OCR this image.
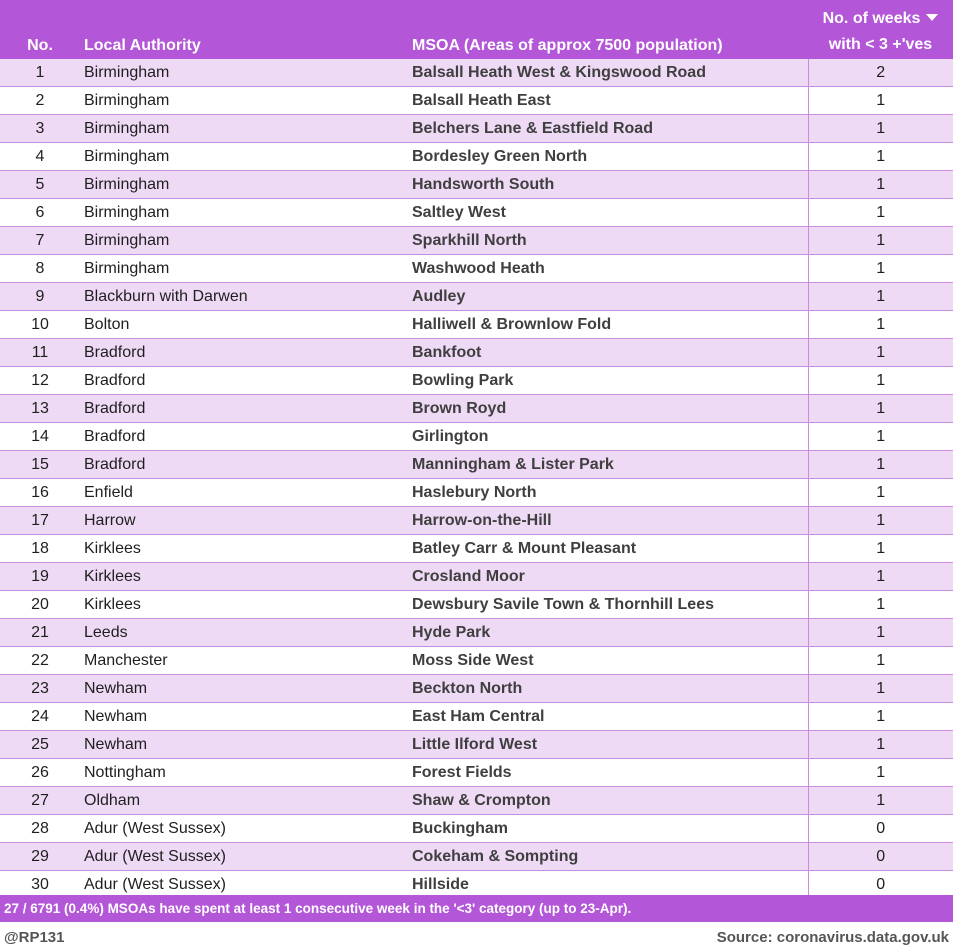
No.	Local Authority	MSOA (Areas of approx 7500 population)	No. of weeks
with < 3 +'ves
1	Birmingham	Balsall Heath West & Kingswood Road	2
2	Birmingham	Balsall Heath East	1
3	Birmingham	Belchers Lane & Eastfield Road	1
4	Birmingham	Bordesley Green North	1
5	Birmingham	Handsworth South	1
6	Birmingham	Saltley West	1
7	Birmingham	Sparkhill North	1
8	Birmingham	Washwood Heath	1
9	Blackburn with Darwen	Audley	1
10	Bolton	Halliwell & Brownlow Fold	1
11	Bradford	Bankfoot	1
12	Bradford	Bowling Park	1
13	Bradford	Brown Royd	1
14	Bradford	Girlington	1
15	Bradford	Manningham & Lister Park	1
16	Enfield	Haslebury North	1
17	Harrow	Harrow-on-the-Hill	1
18	Kirklees	Batley Carr & Mount Pleasant	1
19	Kirklees	Crosland Moor	1
20	Kirklees	Dewsbury Savile Town & Thornhill Lees	1
21	Leeds	Hyde Park	1
22	Manchester	Moss Side West	1
23	Newham	Beckton North	1
24	Newham	East Ham Central	1
25	Newham	Little Ilford West	1
26	Nottingham	Forest Fields	1
27	Oldham	Shaw & Crompton	1
28	Adur (West Sussex)	Buckingham	0
29	Adur (West Sussex)	Cokeham & Sompting	0
30	Adur (West Sussex)	Hillside	0
27 / 6791 (0.4%) MSOAs have spent at least 1 consecutive week in the '<3' category (up to 23-Apr).
@RP131	Source: coronavirus.data.gov.uk
